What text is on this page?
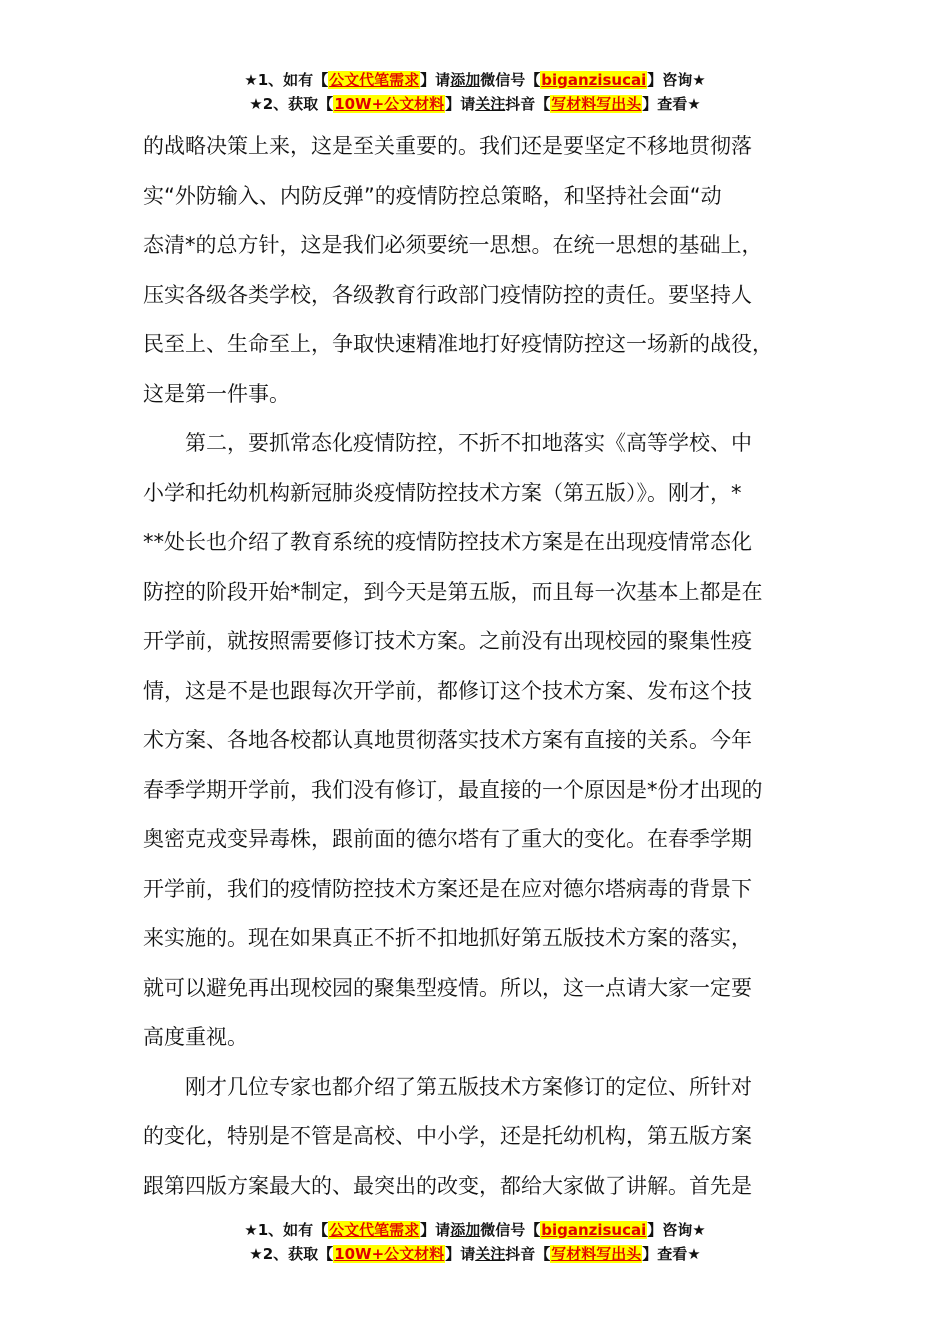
★1、如有【公文代笔需求】请添加微信号【biganzisucai】咨询★
★2、获取【10W+公文材料】请关注抖音【写材料写出头】查看★
的战略决策上来，这是至关重要的。我们还是要坚定不移地贯彻落
实“外防输入、内防反弹”的疫情防控总策略，和坚持社会面“动
态清*的总方针，这是我们必须要统一思想。在统一思想的基础上，
压实各级各类学校，各级教育行政部门疫情防控的责任。要坚持人
民至上、生命至上，争取快速精准地打好疫情防控这一场新的战役，
这是第一件事。
　　第二，要抓常态化疫情防控，不折不扣地落实《高等学校、中
小学和托幼机构新冠肺炎疫情防控技术方案（第五版）》。刚才，*
**处长也介绍了教育系统的疫情防控技术方案是在出现疫情常态化
防控的阶段开始*制定，到今天是第五版，而且每一次基本上都是在
开学前，就按照需要修订技术方案。之前没有出现校园的聚集性疫
情，这是不是也跟每次开学前，都修订这个技术方案、发布这个技
术方案、各地各校都认真地贯彻落实技术方案有直接的关系。今年
春季学期开学前，我们没有修订，最直接的一个原因是*份才出现的
奥密克戎变异毒株，跟前面的德尔塔有了重大的变化。在春季学期
开学前，我们的疫情防控技术方案还是在应对德尔塔病毒的背景下
来实施的。现在如果真正不折不扣地抓好第五版技术方案的落实，
就可以避免再出现校园的聚集型疫情。所以，这一点请大家一定要
高度重视。
　　刚才几位专家也都介绍了第五版技术方案修订的定位、所针对
的变化，特别是不管是高校、中小学，还是托幼机构，第五版方案
跟第四版方案最大的、最突出的改变，都给大家做了讲解。首先是
★1、如有【公文代笔需求】请添加微信号【biganzisucai】咨询★
★2、获取【10W+公文材料】请关注抖音【写材料写出头】查看★
